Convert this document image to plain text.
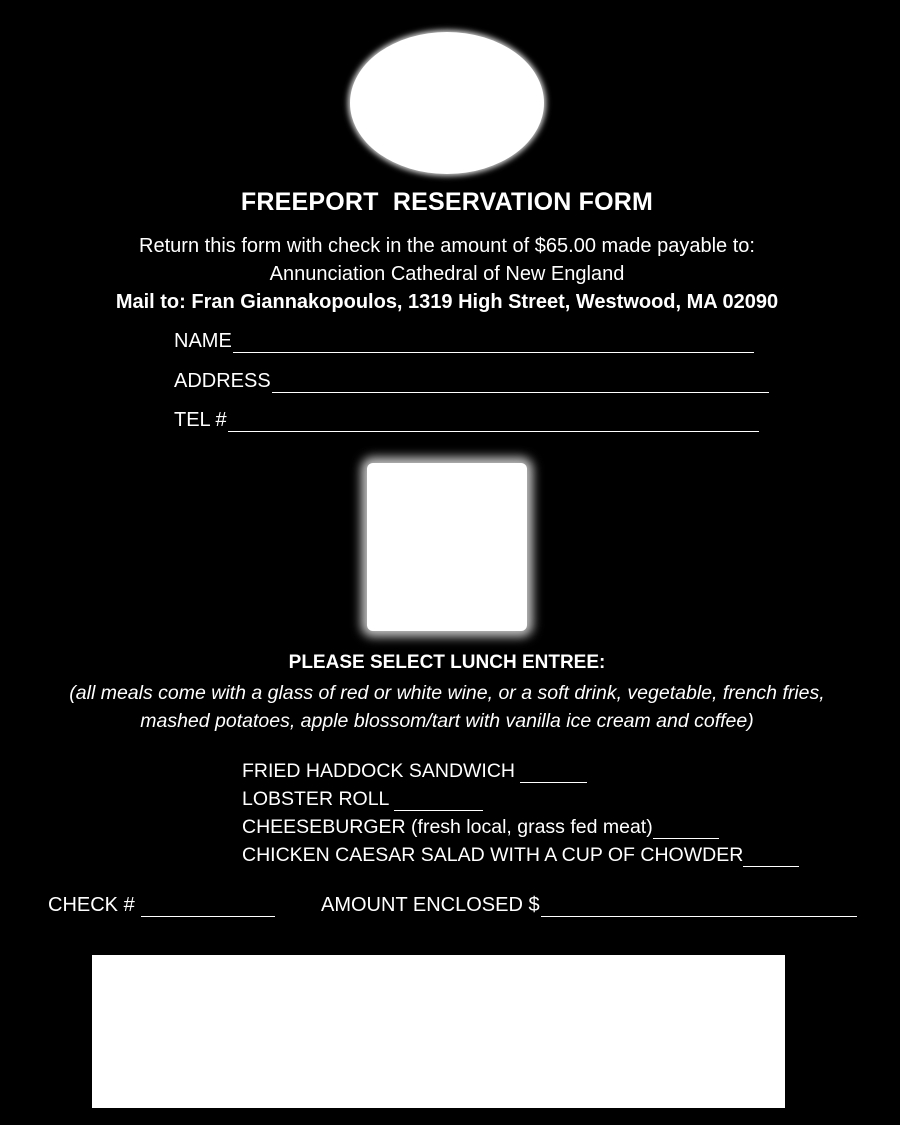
FREEPORT  RESERVATION FORM
Return this form with check in the amount of $65.00 made payable to:
Annunciation Cathedral of New England
Mail to: Fran Giannakopoulos, 1319 High Street, Westwood, MA 02090
NAME
ADDRESS
TEL #
PLEASE SELECT LUNCH ENTREE:
(all meals come with a glass of red or white wine, or a soft drink, vegetable, french fries,
mashed potatoes, apple blossom/tart with vanilla ice cream and coffee)
FRIED HADDOCK SANDWICH
LOBSTER ROLL
CHEESEBURGER (fresh local, grass fed meat)
CHICKEN CAESAR SALAD WITH A CUP OF CHOWDER
CHECK #	AMOUNT ENCLOSED $
